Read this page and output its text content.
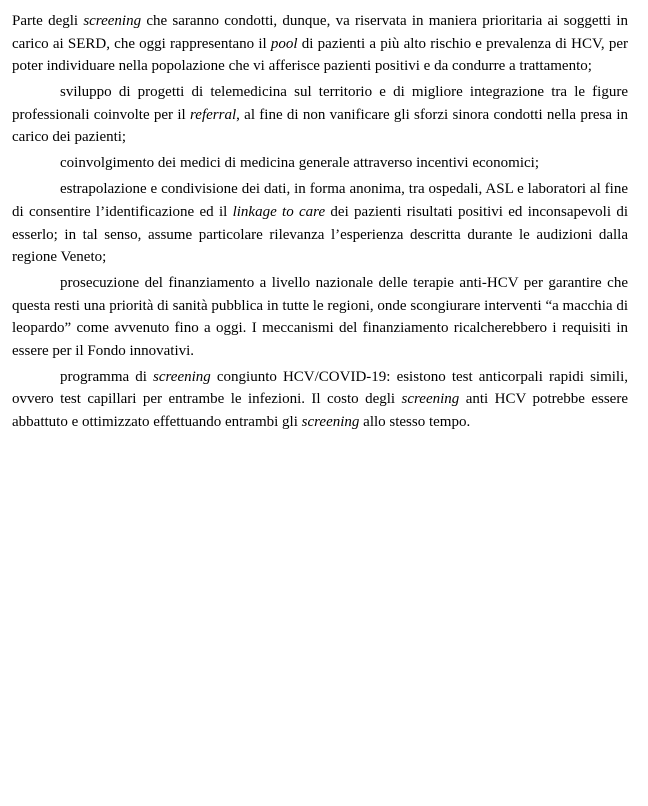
Parte degli screening che saranno condotti, dunque, va riservata in maniera prioritaria ai soggetti in carico ai SERD, che oggi rappresentano il pool di pazienti a più alto rischio e prevalenza di HCV, per poter individuare nella popolazione che vi afferisce pazienti positivi e da condurre a trattamento;

sviluppo di progetti di telemedicina sul territorio e di migliore integrazione tra le figure professionali coinvolte per il referral, al fine di non vanificare gli sforzi sinora condotti nella presa in carico dei pazienti;

coinvolgimento dei medici di medicina generale attraverso incentivi economici;

estrapolazione e condivisione dei dati, in forma anonima, tra ospedali, ASL e laboratori al fine di consentire l’identificazione ed il linkage to care dei pazienti risultati positivi ed inconsapevoli di esserlo; in tal senso, assume particolare rilevanza l’esperienza descritta durante le audizioni dalla regione Veneto;

prosecuzione del finanziamento a livello nazionale delle terapie anti-HCV per garantire che questa resti una priorità di sanità pubblica in tutte le regioni, onde scongiurare interventi “a macchia di leopardo” come avvenuto fino a oggi. I meccanismi del finanziamento ricalcherebbero i requisiti in essere per il Fondo innovativi.

programma di screening congiunto HCV/COVID-19: esistono test anticorpali rapidi simili, ovvero test capillari per entrambe le infezioni. Il costo degli screening anti HCV potrebbe essere abbattuto e ottimizzato effettuando entrambi gli screening allo stesso tempo.
